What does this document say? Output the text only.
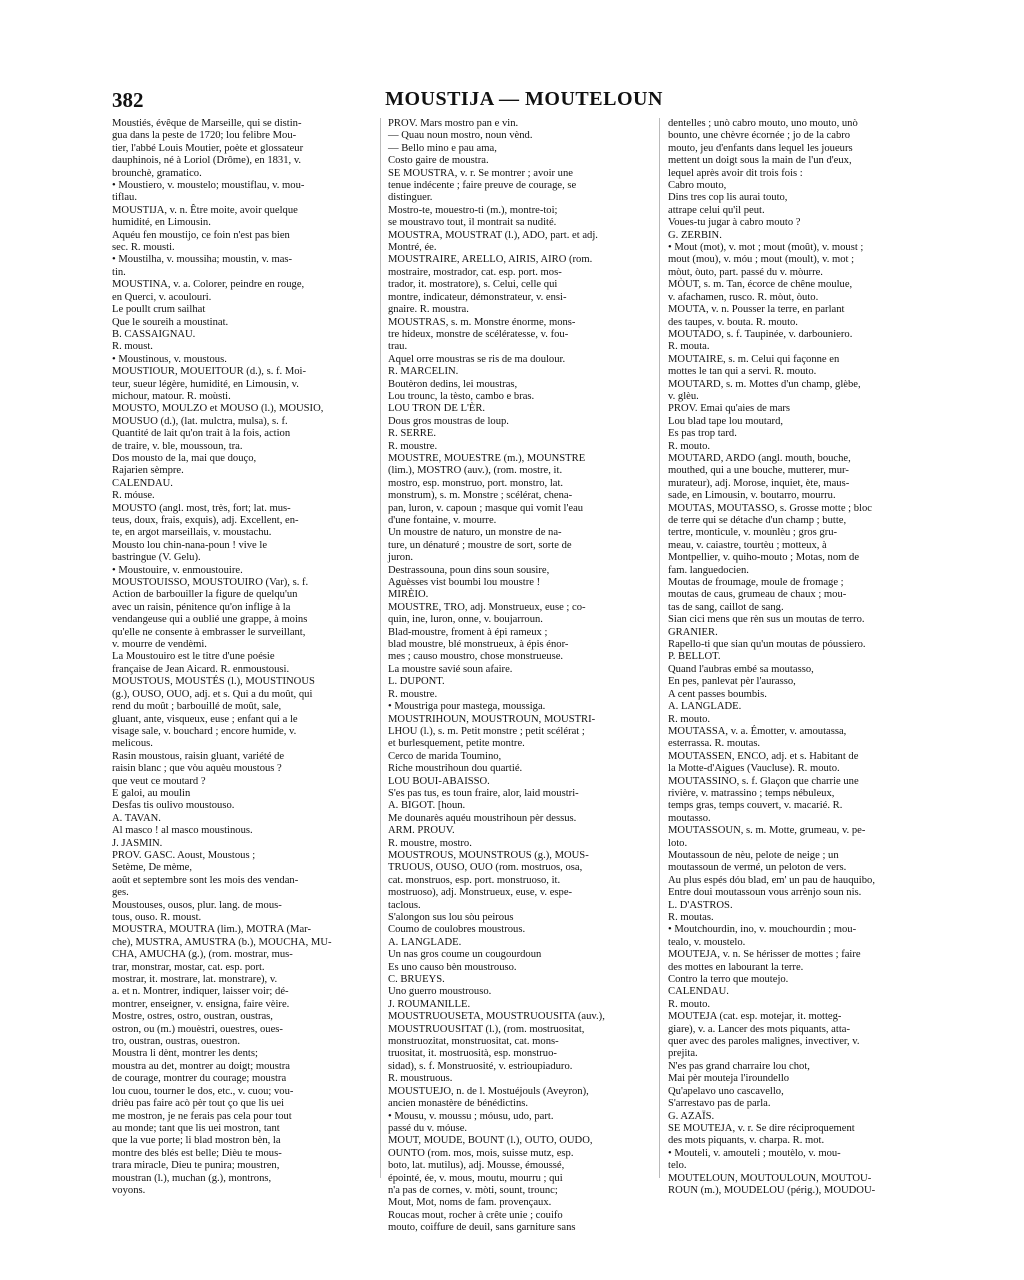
382	MOUSTIJA — MOUTELOUN

Moustiés, évêque de Marseille, qui se distin-

gua dans la peste de 1720; lou felibre Mou-

tier, l'abbé Louis Moutier, poète et glossateur

dauphinois, né à Loriol (Drôme), en 1831, v.

brounchè, gramatico.

• Moustiero, v. moustelo; moustiflau, v. mou-

tiflau.

MOUSTIJA, v. n. Être moite, avoir quelque

humidité, en Limousin.

Aquéu fen moustijo, ce foin n'est pas bien

sec. R. mousti.

• Moustilha, v. moussiha; moustin, v. mas-

tin.

MOUSTINA, v. a. Colorer, peindre en rouge,

en Querci, v. acoulouri.

Le poullt crum sailhat

Que le soureih a moustinat.

B. CASSAIGNAU.

R. moust.

• Moustinous, v. moustous.

MOUSTIOUR, MOUEITOUR (d.), s. f. Moi-

teur, sueur légère, humidité, en Limousin, v.

michour, matour. R. moùsti.

MOUSTO, MOULZO et MOUSO (l.), MOUSIO,

MOUSUO (d.), (lat. mulctra, mulsa), s. f.

Quantité de lait qu'on trait à la fois, action

de traire, v. ble, moussoun, tra.

Dos mousto de la, mai que douço,

Rajarien sèmpre.

CALENDAU.

R. móuse.

MOUSTO (angl. most, très, fort; lat. mus-

teus, doux, frais, exquis), adj. Excellent, en-

te, en argot marseillais, v. moustachu.

Mousto lou chin-nana-poun ! vive le

bastringue (V. Gelu).

• Moustouire, v. enmoustouire.

MOUSTOUISSO, MOUSTOUIRO (Var), s. f.

Action de barbouiller la figure de quelqu'un

avec un raisin, pénitence qu'on inflige à la

vendangeuse qui a oublié une grappe, à moins

qu'elle ne consente à embrasser le surveillant,

v. mourre de vendèmi.

La Moustouiro est le titre d'une poésie

française de Jean Aicard. R. enmoustousi.

MOUSTOUS, MOUSTÉS (l.), MOUSTINOUS

(g.), OUSO, OUO, adj. et s. Qui a du moût, qui

rend du moût ; barbouillé de moût, sale,

gluant, ante, visqueux, euse ; enfant qui a le

visage sale, v. bouchard ; encore humide, v.

melicous.

Rasin moustous, raisin gluant, variété de

raisin blanc ; que vòu aquèu moustous ?

que veut ce moutard ?

E galoi, au moulin

Desfas tis oulivo moustouso.

A. TAVAN.

Al masco ! al masco moustinous.

J. JASMIN.

PROV. GASC. Aoust, Moustous ;

Setème, De mème,

août et septembre sont les mois des vendan-

ges.

Moustouses, ousos, plur. lang. de mous-

tous, ouso. R. moust.

MOUSTRA, MOUTRA (lim.), MOTRA (Mar-

che), MUSTRA, AMUSTRA (b.), MOUCHA, MU-

CHA, AMUCHA (g.), (rom. mostrar, mus-

trar, monstrar, mostar, cat. esp. port.

mostrar, it. mostrare, lat. monstrare), v.

a. et n. Montrer, indiquer, laisser voir; dé-

montrer, enseigner, v. ensigna, faire vèire.

Mostre, ostres, ostro, oustran, oustras,

ostron, ou (m.) mouèstri, ouestres, oues-

tro, oustran, oustras, ouestron.

Moustra li dènt, montrer les dents;

moustra au det, montrer au doigt; moustra

de courage, montrer du courage; moustra

lou cuou, tourner le dos, etc., v. cuou; vou-

drièu pas faire acò pèr tout ço que lis uei

me mostron, je ne ferais pas cela pour tout

au monde; tant que lis uei mostron, tant

que la vue porte; li blad mostron bèn, la

montre des blés est belle; Dièu te mous-

trara miracle, Dieu te punira; moustren,

moustran (l.), muchan (g.), montrons,

voyons.

PROV. Mars mostro pan e vin.

— Quau noun mostro, noun vènd.

— Bello mino e pau ama,

Costo gaire de moustra.

SE MOUSTRA, v. r. Se montrer ; avoir une

tenue indécente ; faire preuve de courage, se

distinguer.

Mostro-te, mouestro-ti (m.), montre-toi;

se moustravo tout, il montrait sa nudité.

MOUSTRA, MOUSTRAT (l.), ADO, part. et adj.

Montré, ée.

MOUSTRAIRE, ARELLO, AIRIS, AIRO (rom.

mostraire, mostrador, cat. esp. port. mos-

trador, it. mostratore), s. Celui, celle qui

montre, indicateur, démonstrateur, v. ensi-

gnaire. R. moustra.

MOUSTRAS, s. m. Monstre énorme, mons-

tre hideux, monstre de scélératesse, v. fou-

trau.

Aquel orre moustras se ris de ma doulour.

R. MARCELIN.

Boutèron dedins, lei moustras,

Lou trounc, la tèsto, cambo e bras.

LOU TRON DE L'ÈR.

Dous gros moustras de loup.

R. SERRE.

R. moustre.

MOUSTRE, MOUESTRE (m.), MOUNSTRE

(lim.), MOSTRO (auv.), (rom. mostre, it.

mostro, esp. monstruo, port. monstro, lat.

monstrum), s. m. Monstre ; scélérat, chena-

pan, luron, v. capoun ; masque qui vomit l'eau

d'une fontaine, v. mourre.

Un moustre de naturo, un monstre de na-

ture, un dénaturé ; moustre de sort, sorte de

juron.

Destrassouna, poun dins soun sousire,

Aguèsses vist boumbi lou moustre !

MIRÈIO.

MOUSTRE, TRO, adj. Monstrueux, euse ; co-

quin, ine, luron, onne, v. boujarroun.

Blad-moustre, froment à épi rameux ;

blad moustre, blé monstrueux, à épis énor-

mes ; causo moustro, chose monstrueuse.

La moustre savié soun afaire.

L. DUPONT.

R. moustre.

• Moustriga pour mastega, moussiga.

MOUSTRIHOUN, MOUSTROUN, MOUSTRI-

LHOU (l.), s. m. Petit monstre ; petit scélérat ;

et burlesquement, petite montre.

Cerco de marida Toumino,

Riche moustrihoun dou quartié.

LOU BOUI-ABAISSO.

S'es pas tus, es toun fraire, alor, laid moustri-

A. BIGOT. [houn.

Me dounarès aquéu moustrihoun pèr dessus.

ARM. PROUV.

R. moustre, mostro.

MOUSTROUS, MOUNSTROUS (g.), MOUS-

TRUOUS, OUSO, OUO (rom. mostruos, osa,

cat. monstruos, esp. port. monstruoso, it.

mostruoso), adj. Monstrueux, euse, v. espe-

taclous.

S'alongon sus lou sòu peirous

Coumo de coulobres moustrous.

A. LANGLADE.

Un nas gros coume un cougourdoun

Es uno causo bèn moustrouso.

C. BRUEYS.

Uno guerro moustrouso.

J. ROUMANILLE.

MOUSTRUOUSETA, MOUSTRUOUSITA (auv.),

MOUSTRUOUSITAT (l.), (rom. mostruositat,

monstruozitat, monstruositat, cat. mons-

truositat, it. mostruosità, esp. monstruo-

sidad), s. f. Monstruosité, v. estrioupiaduro.

R. moustruous.

MOUSTUEJO, n. de l. Mostuéjouls (Aveyron),

ancien monastère de bénédictins.

• Mousu, v. moussu ; móusu, udo, part.

passé du v. móuse.

MOUT, MOUDE, BOUNT (l.), OUTO, OUDO,

OUNTO (rom. mos, mois, suisse mutz, esp.

boto, lat. mutilus), adj. Mousse, émoussé,

épointé, ée, v. mous, moutu, mourru ; qui

n'a pas de cornes, v. mòti, sount, trounc;

Mout, Mot, noms de fam. provençaux.

Roucas mout, rocher à crête unie ; couifo

mouto, coiffure de deuil, sans garniture sans

dentelles ; unò cabro mouto, uno mouto, unò

bounto, une chèvre écornée ; jo de la cabro

mouto, jeu d'enfants dans lequel les joueurs

mettent un doigt sous la main de l'un d'eux,

lequel après avoir dit trois fois :

Cabro mouto,

Dins tres cop lis aurai touto,

attrape celui qu'il peut.

Voues-tu jugar à cabro mouto ?

G. ZERBIN.

• Mout (mot), v. mot ; mout (moût), v. moust ;

mout (mou), v. móu ; mout (moult), v. mot ;

mòut, òuto, part. passé du v. mòurre.

MÒUT, s. m. Tan, écorce de chêne moulue,

v. afachamen, rusco. R. mòut, òuto.

MOUTA, v. n. Pousser la terre, en parlant

des taupes, v. bouta. R. mouto.

MOUTADO, s. f. Taupinée, v. darbouniero.

R. mouta.

MOUTAIRE, s. m. Celui qui façonne en

mottes le tan qui a servi. R. mouto.

MOUTARD, s. m. Mottes d'un champ, glèbe,

v. glèu.

PROV. Emai qu'aies de mars

Lou blad tape lou moutard,

Es pas trop tard.

R. mouto.

MOUTARD, ARDO (angl. mouth, bouche,

mouthed, qui a une bouche, mutterer, mur-

murateur), adj. Morose, inquiet, ète, maus-

sade, en Limousin, v. boutarro, mourru.

MOUTAS, MOUTASSO, s. Grosse motte ; bloc

de terre qui se détache d'un champ ; butte,

tertre, monticule, v. mounlèu ; gros gru-

meau, v. caiastre, tourtèu ; motteux, à

Montpellier, v. quiho-mouto ; Motas, nom de

fam. languedocien.

Moutas de froumage, moule de fromage ;

moutas de caus, grumeau de chaux ; mou-

tas de sang, caillot de sang.

Sian cici mens que rèn sus un moutas de terro.

GRANIER.

Rapello-ti que sian qu'un moutas de póussiero.

P. BELLOT.

Quand l'aubras embé sa moutasso,

En pes, panlevat pèr l'aurasso,

A cent passes boumbis.

A. LANGLADE.

R. mouto.

MOUTASSA, v. a. Émotter, v. amoutassa,

esterrassa. R. moutas.

MOUTASSEN, ENCO, adj. et s. Habitant de

la Motte-d'Aigues (Vaucluse). R. mouto.

MOUTASSINO, s. f. Glaçon que charrie une

rivière, v. matrassino ; temps nébuleux,

temps gras, temps couvert, v. macarié. R.

moutasso.

MOUTASSOUN, s. m. Motte, grumeau, v. pe-

loto.

Moutassoun de nèu, pelote de neige ; un

moutassoun de vermé, un peloton de vers.

Au plus espés dóu blad, em' un pau de hauquibo,

Entre doui moutassoun vous arrènjo soun nis.

L. D'ASTROS.

R. moutas.

• Moutchourdin, ino, v. mouchourdin ; mou-

tealo, v. moustelo.

MOUTEJA, v. n. Se hérisser de mottes ; faire

des mottes en labourant la terre.

Contro la terro que moutejo.

CALENDAU.

R. mouto.

MOUTEJA (cat. esp. motejar, it. motteg-

giare), v. a. Lancer des mots piquants, atta-

quer avec des paroles malignes, invectiver, v.

prejita.

N'es pas grand charraire lou chot,

Mai pèr mouteja l'iroundello

Qu'apelavo uno cascavello,

S'arrestavo pas de parla.

G. AZAÏS.

SE MOUTEJA, v. r. Se dire réciproquement

des mots piquants, v. charpa. R. mot.

• Mouteli, v. amouteli ; moutèlo, v. mou-

telo.

MOUTELOUN, MOUTOULOUN, MOUTOU-

ROUN (m.), MOUDELOU (périg.), MOUDOU-
